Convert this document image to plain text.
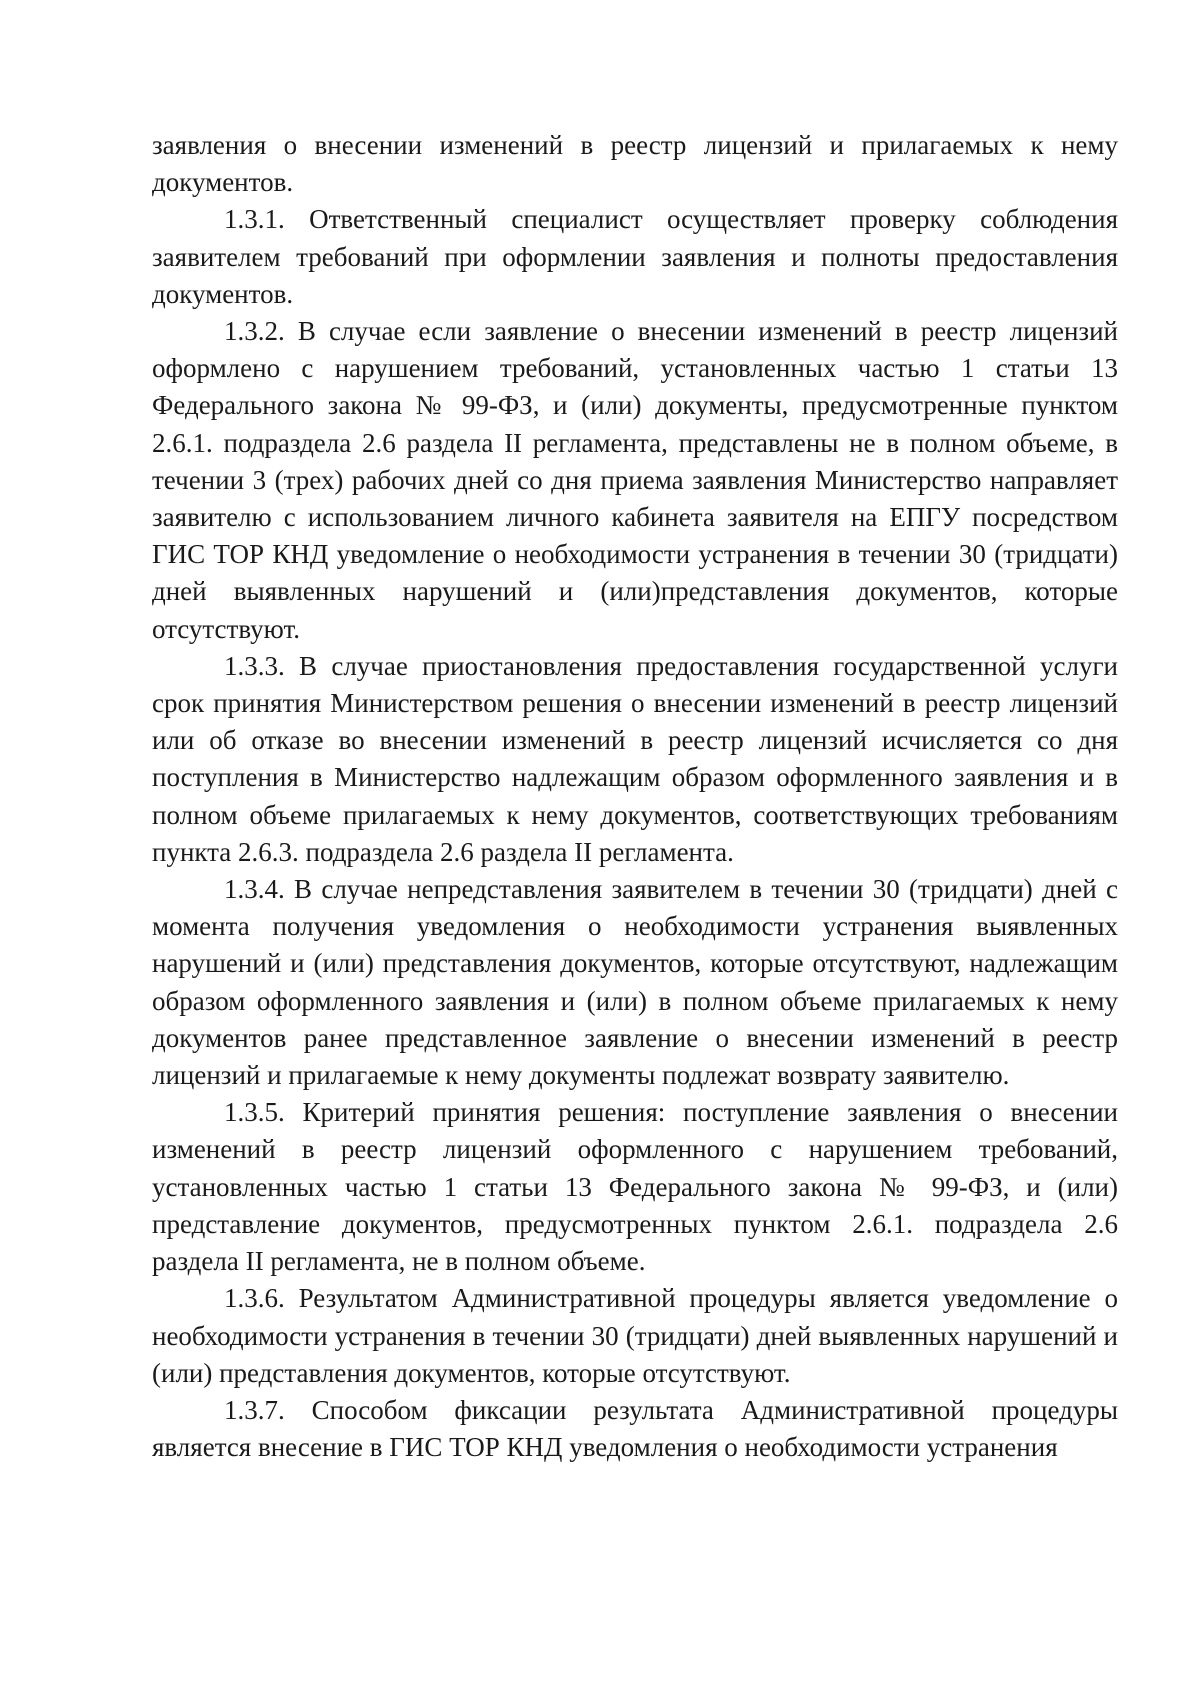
заявления о внесении изменений в реестр лицензий и прилагаемых к нему документов.

1.3.1. Ответственный специалист осуществляет проверку соблюдения заявителем требований при оформлении заявления и полноты предоставления документов.

1.3.2. В случае если заявление о внесении изменений в реестр лицензий оформлено с нарушением требований, установленных частью 1 статьи 13 Федерального закона № 99-ФЗ, и (или) документы, предусмотренные пунктом 2.6.1. подраздела 2.6 раздела II регламента, представлены не в полном объеме, в течении 3 (трех) рабочих дней со дня приема заявления Министерство направляет заявителю с использованием личного кабинета заявителя на ЕПГУ посредством ГИС ТОР КНД уведомление о необходимости устранения в течении 30 (тридцати) дней выявленных нарушений и (или)представления документов, которые отсутствуют.

1.3.3. В случае приостановления предоставления государственной услуги срок принятия Министерством решения о внесении изменений в реестр лицензий или об отказе во внесении изменений в реестр лицензий исчисляется со дня поступления в Министерство надлежащим образом оформленного заявления и в полном объеме прилагаемых к нему документов, соответствующих требованиям пункта 2.6.3. подраздела 2.6 раздела II регламента.

1.3.4. В случае непредставления заявителем в течении 30 (тридцати) дней с момента получения уведомления о необходимости устранения выявленных нарушений и (или) представления документов, которые отсутствуют, надлежащим образом оформленного заявления и (или) в полном объеме прилагаемых к нему документов ранее представленное заявление о внесении изменений в реестр лицензий и прилагаемые к нему документы подлежат возврату заявителю.

1.3.5. Критерий принятия решения: поступление заявления о внесении изменений в реестр лицензий оформленного с нарушением требований, установленных частью 1 статьи 13 Федерального закона № 99-ФЗ, и (или) представление документов, предусмотренных пунктом 2.6.1. подраздела 2.6 раздела II регламента, не в полном объеме.

1.3.6. Результатом Административной процедуры является уведомление о необходимости устранения в течении 30 (тридцати) дней выявленных нарушений и (или) представления документов, которые отсутствуют.

1.3.7. Способом фиксации результата Административной процедуры является внесение в ГИС ТОР КНД уведомления о необходимости устранения
